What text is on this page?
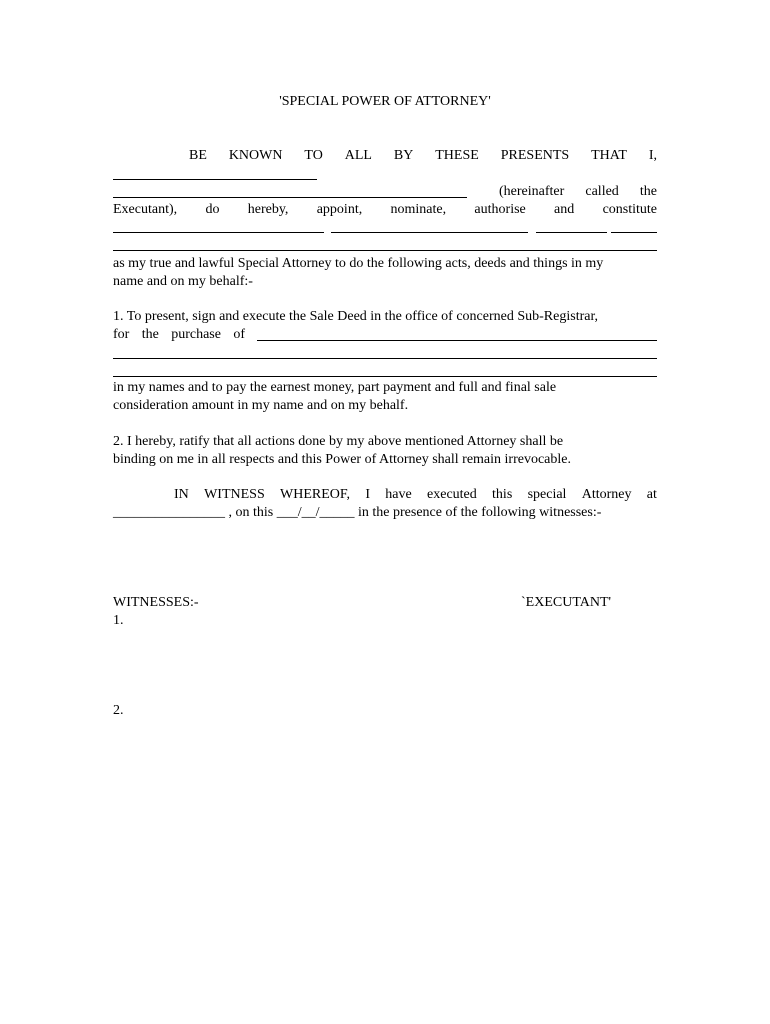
'SPECIAL POWER OF ATTORNEY'
BE KNOWN TO ALL BY THESE PRESENTS THAT I,
(hereinafter called the
Executant), do hereby, appoint, nominate, authorise and constitute
as my true and lawful Special Attorney to do the following acts, deeds and things in my
name and on my behalf:-
1. To present, sign and execute the Sale Deed in the office of concerned Sub-Registrar,
for the purchase of
in my names and to pay the earnest money, part payment and full and final sale
consideration amount in my name and on my behalf.
2. I hereby, ratify that all actions done by my above mentioned Attorney shall be
binding on me in all respects and this Power of Attorney shall remain irrevocable.
IN WITNESS WHEREOF, I have executed this special Attorney at
________________ , on this ___/__/_____ in the presence of the following witnesses:-
WITNESSES:-	`EXECUTANT'
1.
2.
